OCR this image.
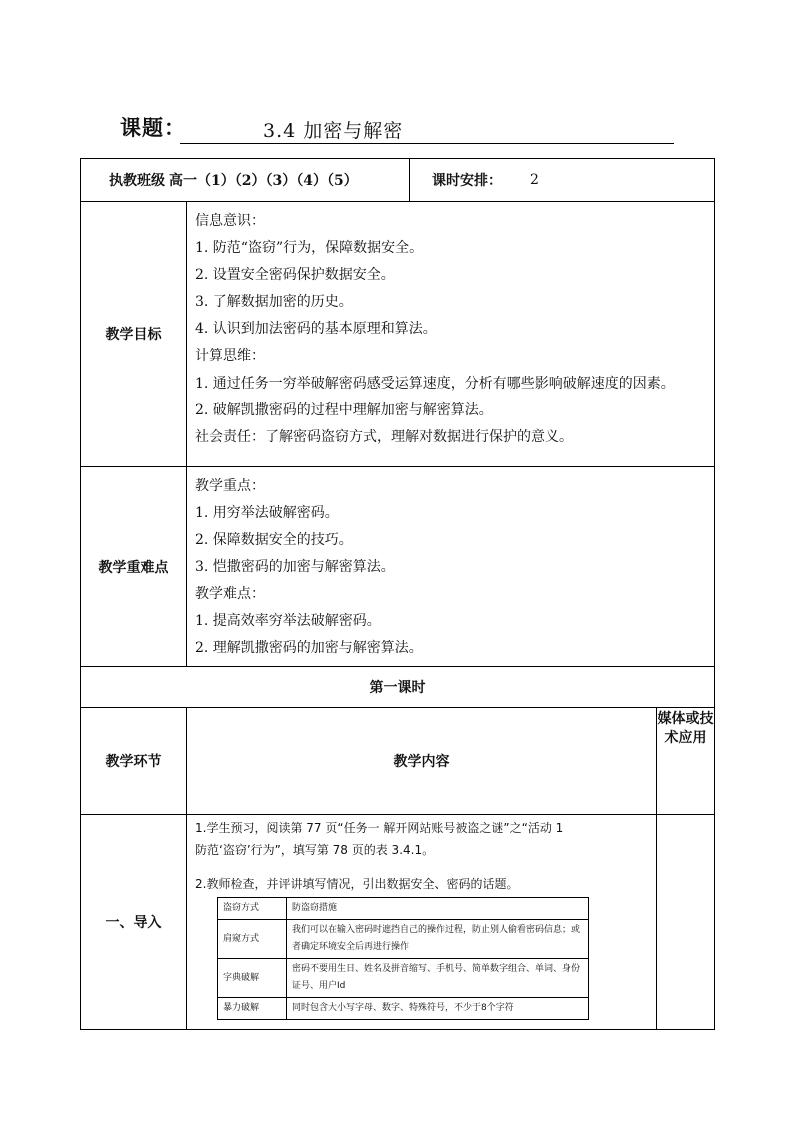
课题：	3.4 加密与解密
执教班级 高一（1）（2）（3）（4）（5）	课时安排： 2

教学目标	
信息意识：
1. 防范“盗窃”行为，保障数据安全。
2. 设置安全密码保护数据安全。
3. 了解数据加密的历史。
4. 认识到加法密码的基本原理和算法。
计算思维：
1. 通过任务一穷举破解密码感受运算速度，分析有哪些影响破解速度的因素。
2. 破解凯撒密码的过程中理解加密与解密算法。
社会责任：了解密码盗窃方式，理解对数据进行保护的意义。

教学重难点	
教学重点：
1. 用穷举法破解密码。
2. 保障数据安全的技巧。
3. 恺撒密码的加密与解密算法。
教学难点：
1. 提高效率穷举法破解密码。
2. 理解凯撒密码的加密与解密算法。

第一课时
教学环节	教学内容	媒体或技术应用
一、导入	
1.学生预习，阅读第 77 页“任务一 解开网站账号被盗之谜”之“活动 1
防范‘盗窃’行为”，填写第 78 页的表 3.4.1。
2.教师检查，并评讲填写情况，引出数据安全、密码的话题。
盗窃方式	防盗窃措施
肩窥方式	我们可以在输入密码时遮挡自己的操作过程，防止别人偷看密码信息；或者确定环境安全后再进行操作
字典破解	密码不要用生日、姓名及拼音缩写、手机号、简单数字组合、单词、身份证号、用户Id
暴力破解	同时包含大小写字母、数字、特殊符号，不少于8个字符
